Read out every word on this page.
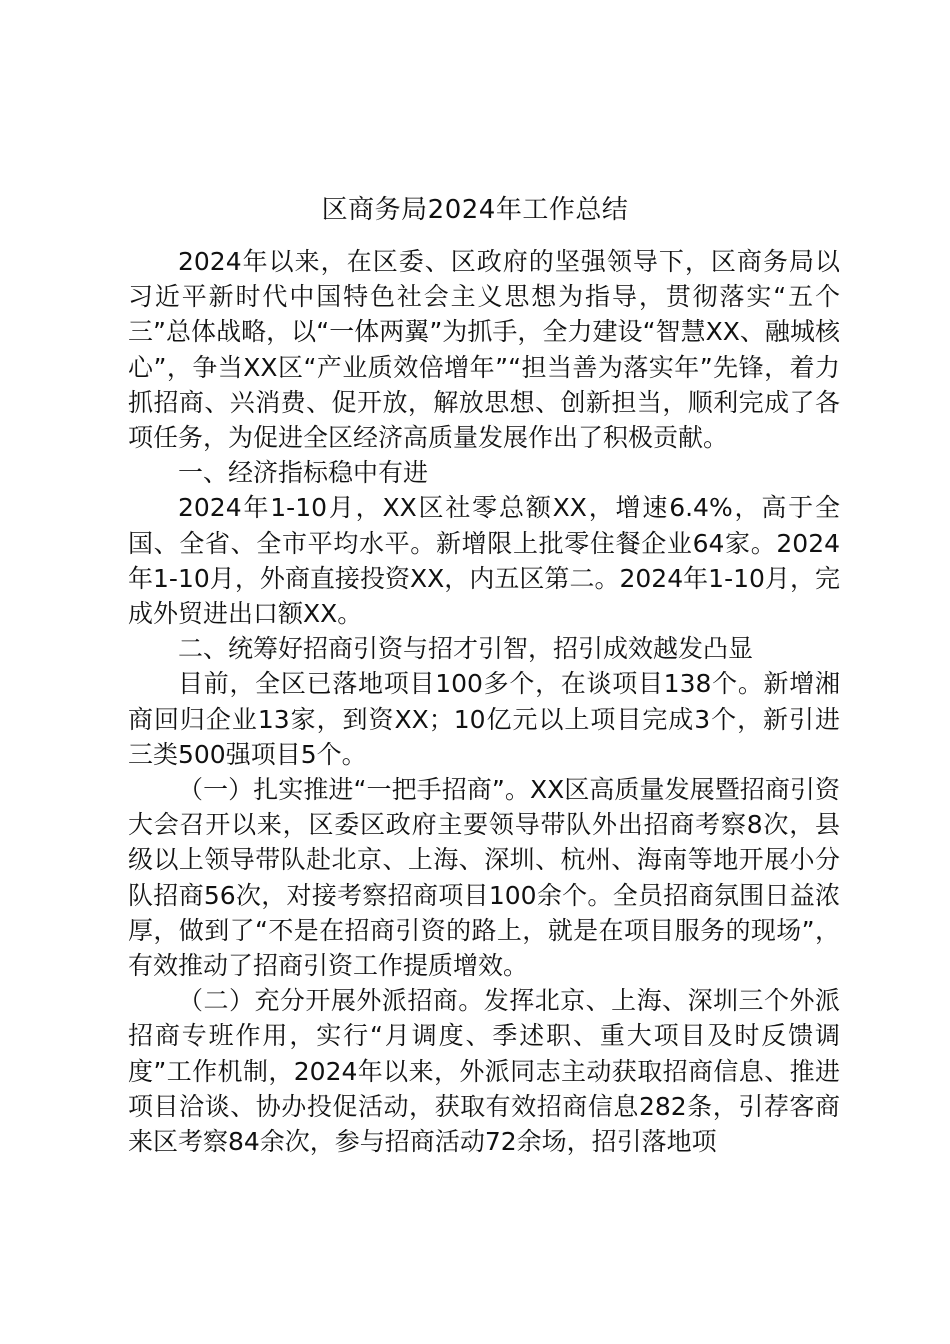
区商务局2024年工作总结

2024年以来，在区委、区政府的坚强领导下，区商务局以习近平新时代中国特色社会主义思想为指导，贯彻落实“五个三”总体战略，以“一体两翼”为抓手，全力建设“智慧XX、融城核心”，争当XX区“产业质效倍增年”“担当善为落实年”先锋，着力抓招商、兴消费、促开放，解放思想、创新担当，顺利完成了各项任务，为促进全区经济高质量发展作出了积极贡献。

一、经济指标稳中有进

2024年1-10月，XX区社零总额XX，增速6.4%，高于全国、全省、全市平均水平。新增限上批零住餐企业64家。2024年1-10月，外商直接投资XX，内五区第二。2024年1-10月，完成外贸进出口额XX。

二、统筹好招商引资与招才引智，招引成效越发凸显

目前，全区已落地项目100多个，在谈项目138个。新增湘商回归企业13家，到资XX；10亿元以上项目完成3个，新引进三类500强项目5个。

（一）扎实推进“一把手招商”。XX区高质量发展暨招商引资大会召开以来，区委区政府主要领导带队外出招商考察8次，县级以上领导带队赴北京、上海、深圳、杭州、海南等地开展小分队招商56次，对接考察招商项目100余个。全员招商氛围日益浓厚，做到了“不是在招商引资的路上，就是在项目服务的现场”，有效推动了招商引资工作提质增效。

（二）充分开展外派招商。发挥北京、上海、深圳三个外派招商专班作用，实行“月调度、季述职、重大项目及时反馈调度”工作机制，2024年以来，外派同志主动获取招商信息、推进项目洽谈、协办投促活动，获取有效招商信息282条，引荐客商来区考察84余次，参与招商活动72余场，招引落地项
